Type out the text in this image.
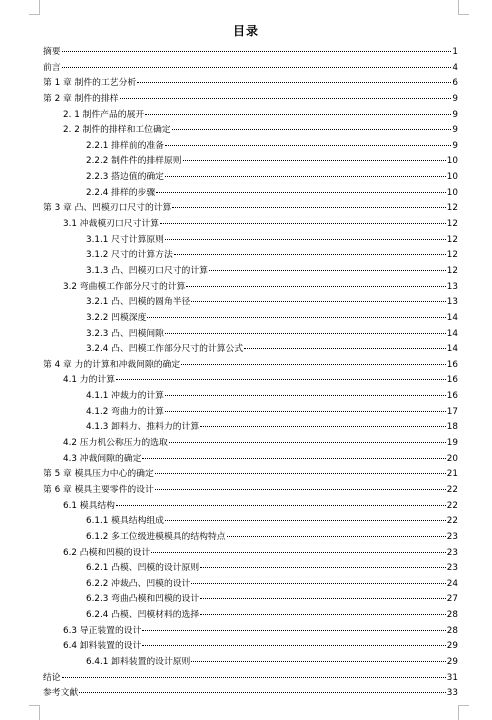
目录
摘要	1
前言	4
第 1 章 制件的工艺分析	6
第 2 章 制件的排样	9
2. 1 制件产品的展开	9
2. 2 制件的排样和工位确定	9
2.2.1 排样前的准备	9
2.2.2 制件件的排样原则	10
2.2.3 搭边值的确定	10
2.2.4 排样的步骤	10
第 3 章 凸、凹模刃口尺寸的计算	12
3.1 冲裁模刃口尺寸计算	12
3.1.1 尺寸计算原则	12
3.1.2 尺寸的计算方法	12
3.1.3 凸、凹模刃口尺寸的计算	12
3.2 弯曲模工作部分尺寸的计算	13
3.2.1 凸、凹模的圆角半径	13
3.2.2 凹模深度	14
3.2.3 凸、凹模间隙	14
3.2.4 凸、凹模工作部分尺寸的计算公式	14
第 4 章 力的计算和冲裁间隙的确定	16
4.1 力的计算	16
4.1.1 冲裁力的计算	16
4.1.2 弯曲力的计算	17
4.1.3 卸料力、推料力的计算	18
4.2 压力机公称压力的选取	19
4.3 冲裁间隙的确定	20
第 5 章 模具压力中心的确定	21
第 6 章 模具主要零件的设计	22
6.1 模具结构	22
6.1.1 模具结构组成	22
6.1.2 多工位级进模模具的结构特点	23
6.2 凸模和凹模的设计	23
6.2.1 凸模、凹模的设计原则	23
6.2.2 冲裁凸、凹模的设计	24
6.2.3 弯曲凸模和凹模的设计	27
6.2.4 凸模、凹模材料的选择	28
6.3 导正装置的设计	28
6.4 卸料装置的设计	29
6.4.1 卸料装置的设计原则	29
结论	31
参考文献	33
